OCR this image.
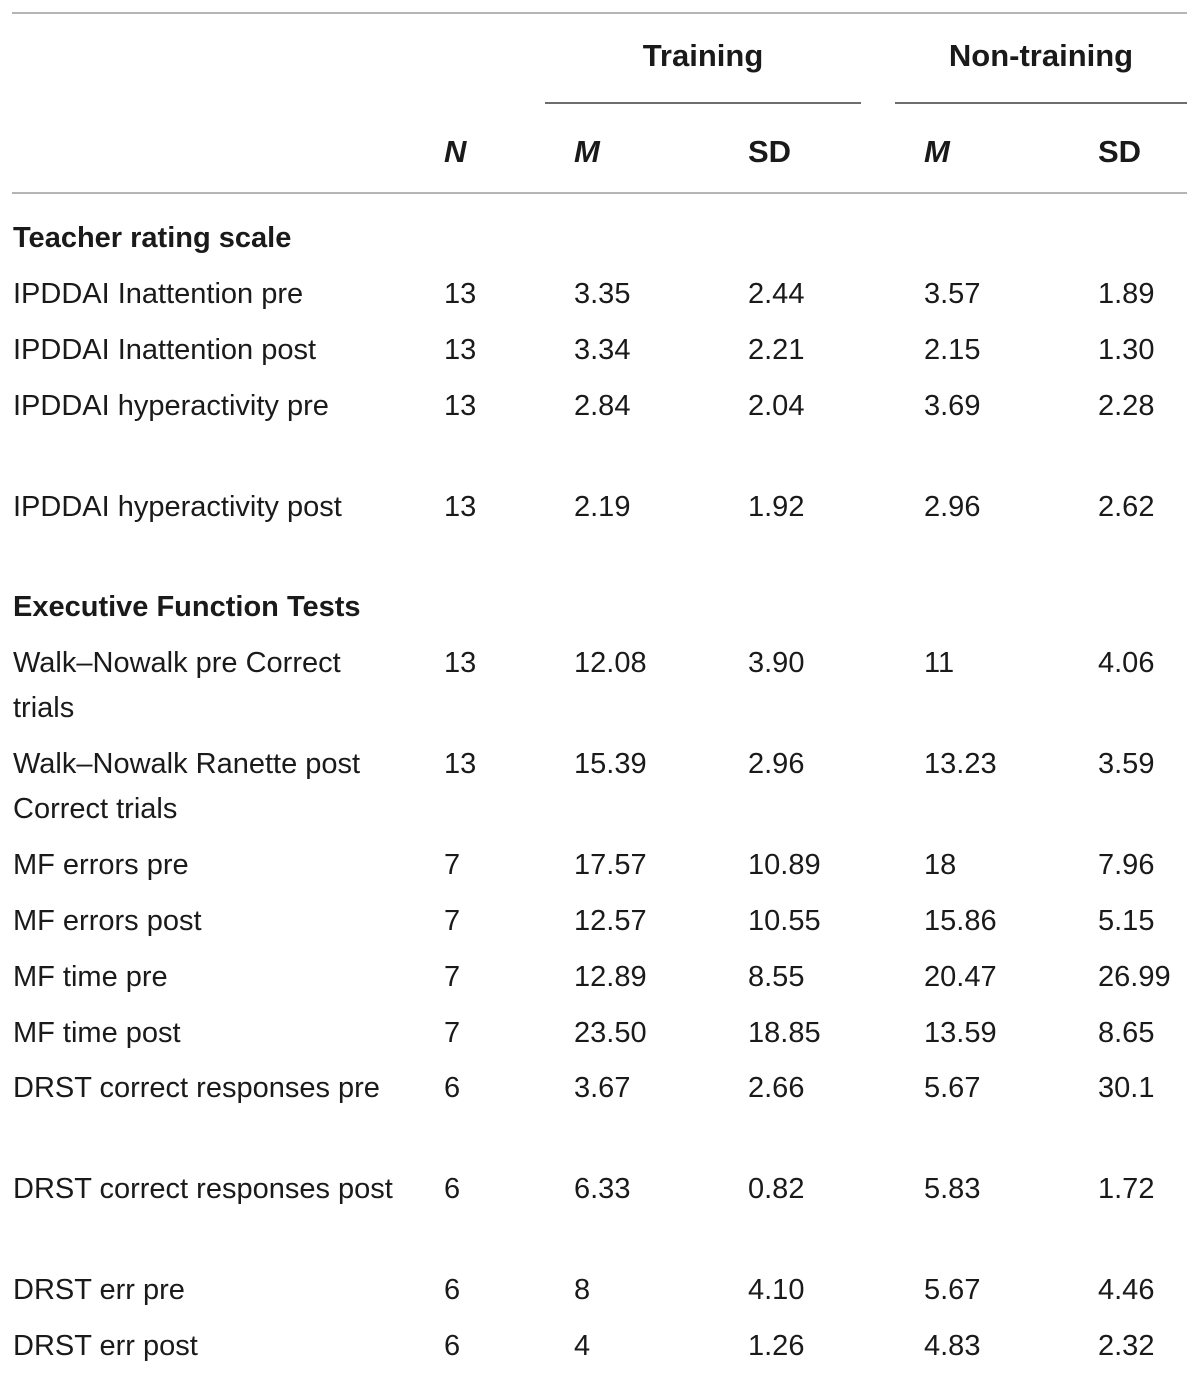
Training	Non-training
N	M	SD	M	SD
Teacher rating scale
IPDDAI Inattention pre	13	3.35	2.44	3.57	1.89
IPDDAI Inattention post	13	3.34	2.21	2.15	1.30
IPDDAI hyperactivity pre	13	2.84	2.04	3.69	2.28
IPDDAI hyperactivity post	13	2.19	1.92	2.96	2.62
Executive Function Tests
Walk–Nowalk pre Correct trials
13	12.08	3.90	11	4.06
Walk–Nowalk Ranette post Correct trials
13	15.39	2.96	13.23	3.59
MF errors pre	7	17.57	10.89	18	7.96
MF errors post	7	12.57	10.55	15.86	5.15
MF time pre	7	12.89	8.55	20.47	26.99
MF time post	7	23.50	18.85	13.59	8.65
DRST correct responses pre	6	3.67	2.66	5.67	30.1
DRST correct responses post 6	6.33	0.82	5.83	1.72
DRST err pre	6	8	4.10	5.67	4.46
DRST err post	6	4	1.26	4.83	2.32
